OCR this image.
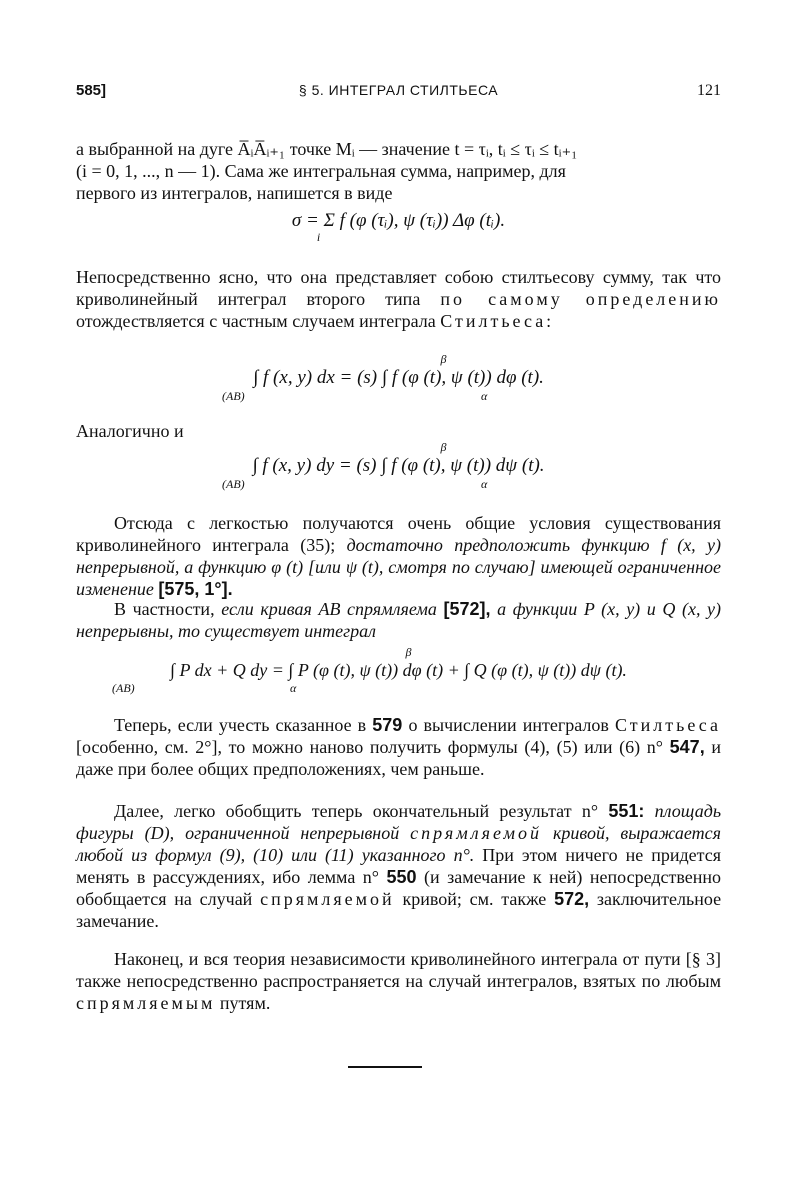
585]	§ 5. ИНТЕГРАЛ СТИЛТЬЕСА	121
а выбранной на дуге A̅ᵢA̅ᵢ₊₁ точке Mᵢ — значение t = τᵢ, tᵢ ≤ τᵢ ≤ tᵢ₊₁
(i = 0, 1, ..., n — 1). Сама же интегральная сумма, например, для
первого из интегралов, напишется в виде
σ = Σ f (φ (τᵢ), ψ (τᵢ)) Δφ (tᵢ).
i
Непосредственно ясно, что она представляет собою стилтьесову сумму, так что криволинейный интеграл второго типа по самому определению отождествляется с частным случаем интеграла Стилтьеса:
β
∫ f (x, y) dx = (s) ∫ f (φ (t), ψ (t)) dφ (t).
(AB)	α
Аналогично и
β
∫ f (x, y) dy = (s) ∫ f (φ (t), ψ (t)) dψ (t).
(AB)	α
Отсюда с легкостью получаются очень общие условия существования криволинейного интеграла (35); достаточно предположить функцию f (x, y) непрерывной, а функцию φ (t) [или ψ (t), смотря по случаю] имеющей ограниченное изменение [575, 1°].
В частности, если кривая AB спрямляема [572], а функции P (x, y) и Q (x, y) непрерывны, то существует интеграл
β
∫ P dx + Q dy = ∫ P (φ (t), ψ (t)) dφ (t) + ∫ Q (φ (t), ψ (t)) dψ (t).
(AB)	α
Теперь, если учесть сказанное в 579 о вычислении интегралов Стилтьеса [особенно, см. 2°], то можно наново получить формулы (4), (5) или (6) n° 547, и даже при более общих предположениях, чем раньше.
Далее, легко обобщить теперь окончательный результат n° 551: площадь фигуры (D), ограниченной непрерывной спрямляемой кривой, выражается любой из формул (9), (10) или (11) указанного n°. При этом ничего не придется менять в рассуждениях, ибо лемма n° 550 (и замечание к ней) непосредственно обобщается на случай спрямляемой кривой; см. также 572, заключительное замечание.
Наконец, и вся теория независимости криволинейного интеграла от пути [§ 3] также непосредственно распространяется на случай интегралов, взятых по любым спрямляемым путям.
